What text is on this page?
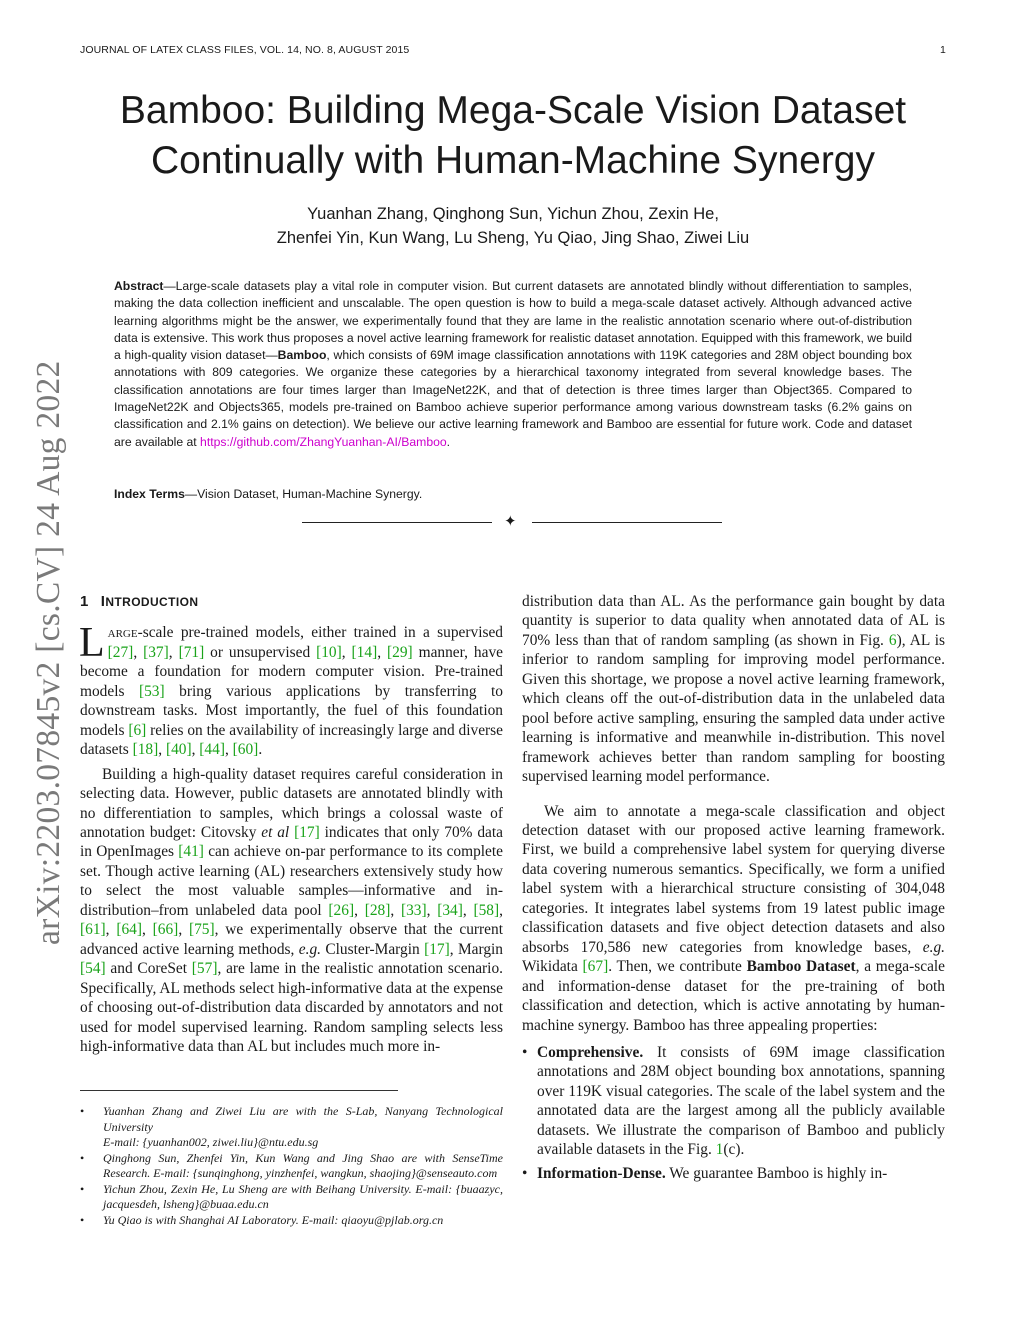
JOURNAL OF LATEX CLASS FILES, VOL. 14, NO. 8, AUGUST 2015	1
arXiv:2203.07845v2 [cs.CV] 24 Aug 2022
Bamboo: Building Mega-Scale Vision Dataset
Continually with Human-Machine Synergy
Yuanhan Zhang, Qinghong Sun, Yichun Zhou, Zexin He,
Zhenfei Yin, Kun Wang, Lu Sheng, Yu Qiao, Jing Shao, Ziwei Liu
Abstract—Large-scale datasets play a vital role in computer vision. But current datasets are annotated blindly without differentiation to samples, making the data collection inefficient and unscalable. The open question is how to build a mega-scale dataset actively. Although advanced active learning algorithms might be the answer, we experimentally found that they are lame in the realistic annotation scenario where out-of-distribution data is extensive. This work thus proposes a novel active learning framework for realistic dataset annotation. Equipped with this framework, we build a high-quality vision dataset—Bamboo, which consists of 69M image classification annotations with 119K categories and 28M object bounding box annotations with 809 categories. We organize these categories by a hierarchical taxonomy integrated from several knowledge bases. The classification annotations are four times larger than ImageNet22K, and that of detection is three times larger than Object365. Compared to ImageNet22K and Objects365, models pre-trained on Bamboo achieve superior performance among various downstream tasks (6.2% gains on classification and 2.1% gains on detection). We believe our active learning framework and Bamboo are essential for future work. Code and dataset are available at https://github.com/ZhangYuanhan-AI/Bamboo.
Index Terms—Vision Dataset, Human-Machine Synergy.
✦
1 INTRODUCTION

Large-scale pre-trained models, either trained in a supervised [27], [37], [71] or unsupervised [10], [14], [29] manner, have become a foundation for modern computer vision. Pre-trained models [53] bring various applications by transferring to downstream tasks. Most importantly, the fuel of this foundation models [6] relies on the availability of increasingly large and diverse datasets [18], [40], [44], [60].

Building a high-quality dataset requires careful consideration in selecting data. However, public datasets are annotated blindly with no differentiation to samples, which brings a colossal waste of annotation budget: Citovsky et al [17] indicates that only 70% data in OpenImages [41] can achieve on-par performance to its complete set. Though active learning (AL) researchers extensively study how to select the most valuable samples—informative and in-distribution–from unlabeled data pool [26], [28], [33], [34], [58], [61], [64], [66], [75], we experimentally observe that the current advanced active learning methods, e.g. Cluster-Margin [17], Margin [54] and CoreSet [57], are lame in the realistic annotation scenario. Specifically, AL methods select high-informative data at the expense of choosing out-of-distribution data discarded by annotators and not used for model supervised learning. Random sampling selects less high-informative data than AL but includes much more in-

• Yuanhan Zhang and Ziwei Liu are with the S-Lab, Nanyang Technological University
E-mail: {yuanhan002, ziwei.liu}@ntu.edu.sg
• Qinghong Sun, Zhenfei Yin, Kun Wang and Jing Shao are with SenseTime Research. E-mail: {sunqinghong, yinzhenfei, wangkun, shaojing}@senseauto.com
• Yichun Zhou, Zexin He, Lu Sheng are with Beihang University. E-mail: {buaazyc, jacquesdeh, lsheng}@buaa.edu.cn
• Yu Qiao is with Shanghai AI Laboratory. E-mail: qiaoyu@pjlab.org.cn

distribution data than AL. As the performance gain bought by data quantity is superior to data quality when annotated data of AL is 70% less than that of random sampling (as shown in Fig. 6), AL is inferior to random sampling for improving model performance. Given this shortage, we propose a novel active learning framework, which cleans off the out-of-distribution data in the unlabeled data pool before active sampling, ensuring the sampled data under active learning is informative and meanwhile in-distribution. This novel framework achieves better than random sampling for boosting supervised learning model performance.

We aim to annotate a mega-scale classification and object detection dataset with our proposed active learning framework. First, we build a comprehensive label system for querying diverse data covering numerous semantics. Specifically, we form a unified label system with a hierarchical structure consisting of 304,048 categories. It integrates label systems from 19 latest public image classification datasets and five object detection datasets and also absorbs 170,586 new categories from knowledge bases, e.g. Wikidata [67]. Then, we contribute Bamboo Dataset, a mega-scale and information-dense dataset for the pre-training of both classification and detection, which is active annotating by human-machine synergy. Bamboo has three appealing properties:

• Comprehensive. It consists of 69M image classification annotations and 28M object bounding box annotations, spanning over 119K visual categories. The scale of the label system and the annotated data are the largest among all the publicly available datasets. We illustrate the comparison of Bamboo and publicly available datasets in the Fig. 1(c).
• Information-Dense. We guarantee Bamboo is highly in-
